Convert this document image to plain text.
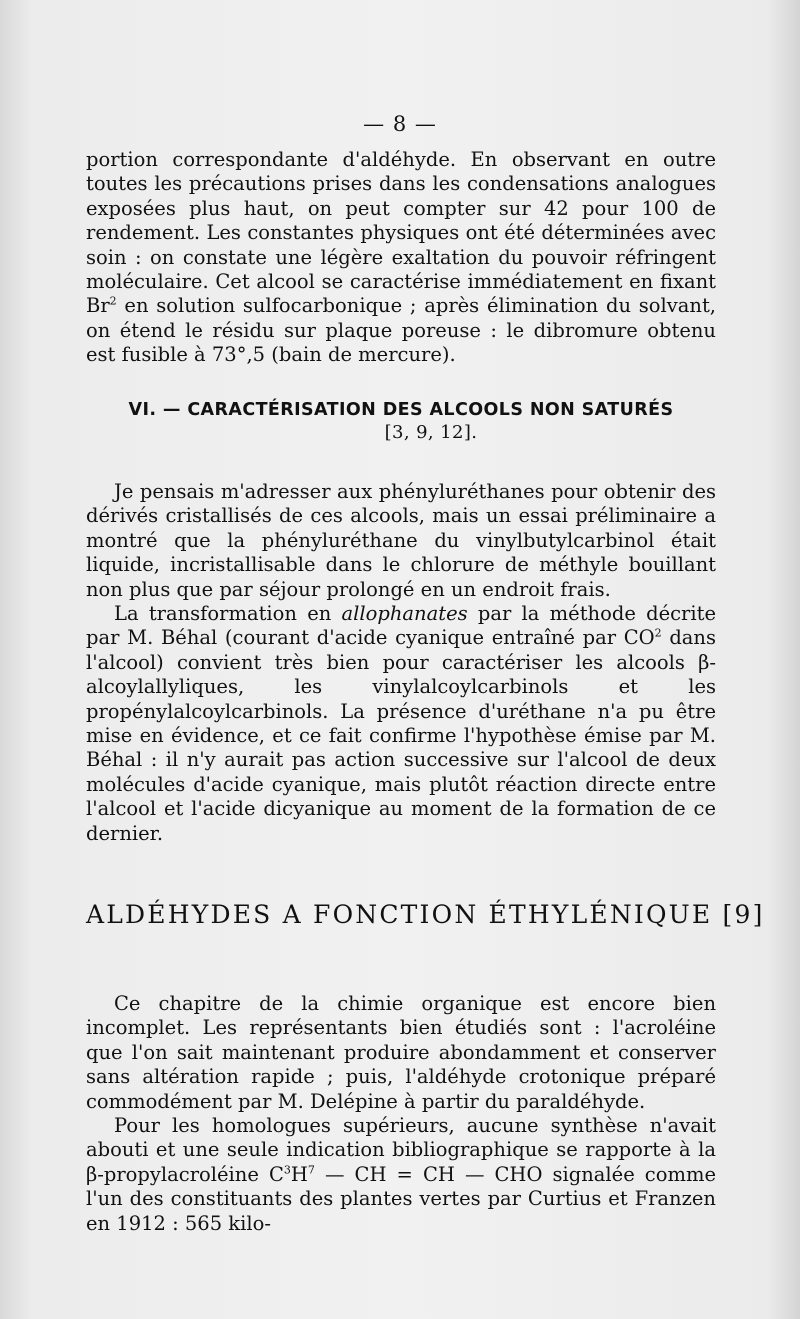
— 8 —

portion correspondante d'aldéhyde. En observant en outre toutes les précautions prises dans les condensations analogues exposées plus haut, on peut compter sur 42 pour 100 de rendement. Les constantes physiques ont été déterminées avec soin : on constate une légère exaltation du pouvoir réfringent moléculaire. Cet alcool se caractérise immédiatement en fixant Br$^2$ en solution sulfocarbonique ; après élimination du solvant, on étend le résidu sur plaque poreuse : le dibromure obtenu est fusible à 73°,5 (bain de mercure).

VI. — CARACTÉRISATION DES ALCOOLS NON SATURÉS
[3, 9, 12].

Je pensais m'adresser aux phényluréthanes pour obtenir des dérivés cristallisés de ces alcools, mais un essai préliminaire a montré que la phényluréthane du vinylbutylcarbinol était liquide, incristallisable dans le chlorure de méthyle bouillant non plus que par séjour prolongé en un endroit frais.

La transformation en allophanates par la méthode décrite par M. Béhal (courant d'acide cyanique entraîné par $CO^2$ dans l'alcool) convient très bien pour caractériser les alcools β-alcoylallyliques, les vinylalcoylcarbinols et les propénylalcoylcarbinols. La présence d'uréthane n'a pu être mise en évidence, et ce fait confirme l'hypothèse émise par M. Béhal : il n'y aurait pas action successive sur l'alcool de deux molécules d'acide cyanique, mais plutôt réaction directe entre l'alcool et l'acide dicyanique au moment de la formation de ce dernier.

ALDÉHYDES A FONCTION ÉTHYLÉNIQUE [9]

Ce chapitre de la chimie organique est encore bien incomplet. Les représentants bien étudiés sont : l'acroléine que l'on sait maintenant produire abondamment et conserver sans altération rapide ; puis, l'aldéhyde crotonique préparé commodément par M. Delépine à partir du paraldéhyde.

Pour les homologues supérieurs, aucune synthèse n'avait abouti et une seule indication bibliographique se rapporte à la β-propylacroléine $C^3H^7$ — CH = CH — CHO signalée comme l'un des constituants des plantes vertes par Curtius et Franzen en 1912 : 565 kilo-
